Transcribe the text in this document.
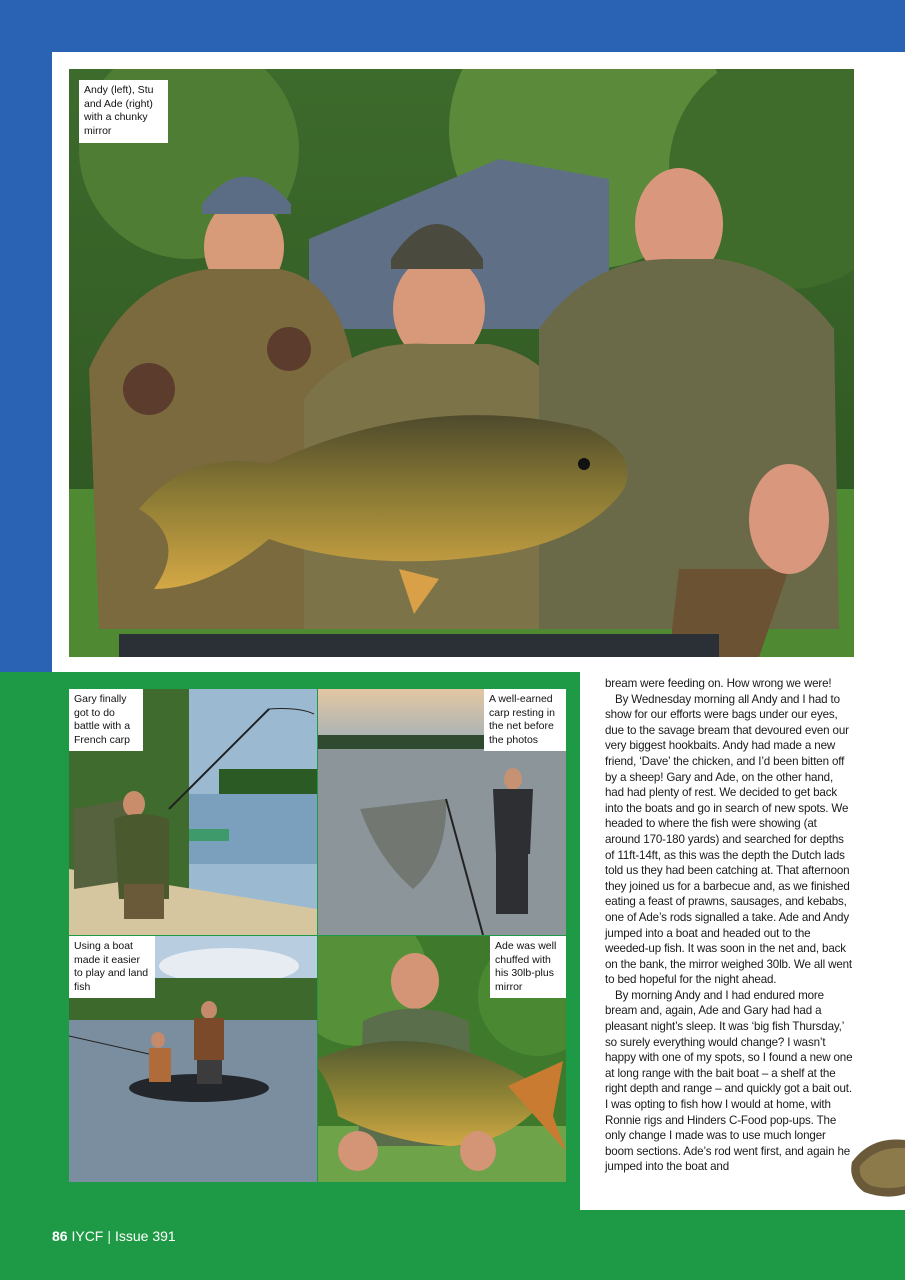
Andy (left), Stu and Ade (right) with a chunky mirror
Gary finally got to do battle with a French carp
A well-earned carp resting in the net before the photos
Using a boat made it easier to play and land fish
Ade was well chuffed with his 30lb-plus mirror

bream were feeding on. How wrong we were!

By Wednesday morning all Andy and I had to show for our efforts were bags under our eyes, due to the savage bream that devoured even our very biggest hookbaits. Andy had made a new friend, ‘Dave’ the chicken, and I’d been bitten off by a sheep! Gary and Ade, on the other hand, had had plenty of rest. We decided to get back into the boats and go in search of new spots. We headed to where the fish were showing (at around 170-180 yards) and searched for depths of 11ft-14ft, as this was the depth the Dutch lads told us they had been catching at. That afternoon they joined us for a barbecue and, as we finished eating a feast of prawns, sausages, and kebabs, one of Ade’s rods signalled a take. Ade and Andy jumped into a boat and headed out to the weeded-up fish. It was soon in the net and, back on the bank, the mirror weighed 30lb. We all went to bed hopeful for the night ahead.

By morning Andy and I had endured more bream and, again, Ade and Gary had had a pleasant night’s sleep. It was ‘big fish Thursday,’ so surely everything would change? I wasn’t happy with one of my spots, so I found a new one at long range with the bait boat – a shelf at the right depth and range – and quickly got a bait out. I was opting to fish how I would at home, with Ronnie rigs and Hinders C-Food pop-ups. The only change I made was to use much longer boom sections. Ade’s rod went first, and again he jumped into the boat and

86 IYCF | Issue 391
